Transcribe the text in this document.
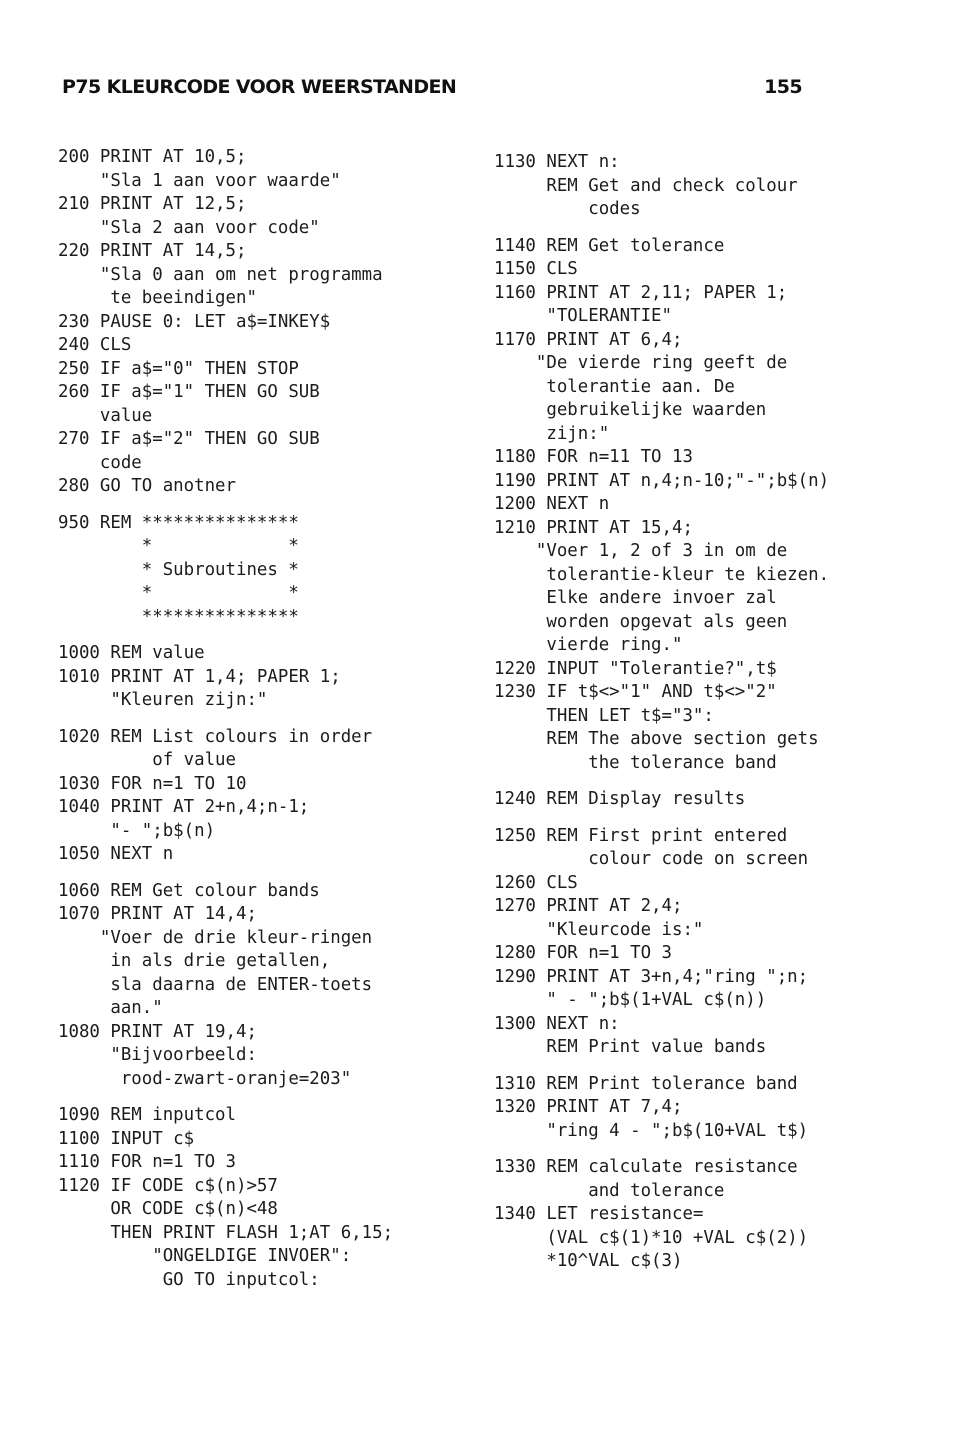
P75 KLEURCODE VOOR WEERSTANDEN	155
200 PRINT AT 10,5;
"Sla 1 aan voor waarde"
210 PRINT AT 12,5;
"Sla 2 aan voor code"
220 PRINT AT 14,5;
"Sla 0 aan om net programma
te beeindigen"
230 PAUSE 0: LET a$=INKEY$
240 CLS
250 IF a$="0" THEN STOP
260 IF a$="1" THEN GO SUB
value
270 IF a$="2" THEN GO SUB
code
280 GO TO anotner
950 REM ***************
*             *
* Subroutines *
*             *
***************
1000 REM value
1010 PRINT AT 1,4; PAPER 1;
"Kleuren zijn:"
1020 REM List colours in order
of value
1030 FOR n=1 TO 10
1040 PRINT AT 2+n,4;n-1;
"- ";b$(n)
1050 NEXT n
1060 REM Get colour bands
1070 PRINT AT 14,4;
"Voer de drie kleur-ringen
in als drie getallen,
sla daarna de ENTER-toets
aan."
1080 PRINT AT 19,4;
"Bijvoorbeeld:
rood-zwart-oranje=203"
1090 REM inputcol
1100 INPUT c$
1110 FOR n=1 TO 3
1120 IF CODE c$(n)>57
OR CODE c$(n)<48
THEN PRINT FLASH 1;AT 6,15;
"ONGELDIGE INVOER":
GO TO inputcol:
1130 NEXT n:
REM Get and check colour
codes
1140 REM Get tolerance
1150 CLS
1160 PRINT AT 2,11; PAPER 1;
"TOLERANTIE"
1170 PRINT AT 6,4;
"De vierde ring geeft de
tolerantie aan. De
gebruikelijke waarden
zijn:"
1180 FOR n=11 TO 13
1190 PRINT AT n,4;n-10;"-";b$(n)
1200 NEXT n
1210 PRINT AT 15,4;
"Voer 1, 2 of 3 in om de
tolerantie-kleur te kiezen.
Elke andere invoer zal
worden opgevat als geen
vierde ring."
1220 INPUT "Tolerantie?",t$
1230 IF t$<>"1" AND t$<>"2"
THEN LET t$="3":
REM The above section gets
the tolerance band
1240 REM Display results
1250 REM First print entered
colour code on screen
1260 CLS
1270 PRINT AT 2,4;
"Kleurcode is:"
1280 FOR n=1 TO 3
1290 PRINT AT 3+n,4;"ring ";n;
" - ";b$(1+VAL c$(n))
1300 NEXT n:
REM Print value bands
1310 REM Print tolerance band
1320 PRINT AT 7,4;
"ring 4 - ";b$(10+VAL t$)
1330 REM calculate resistance
and tolerance
1340 LET resistance=
(VAL c$(1)*10 +VAL c$(2))
*10^VAL c$(3)
